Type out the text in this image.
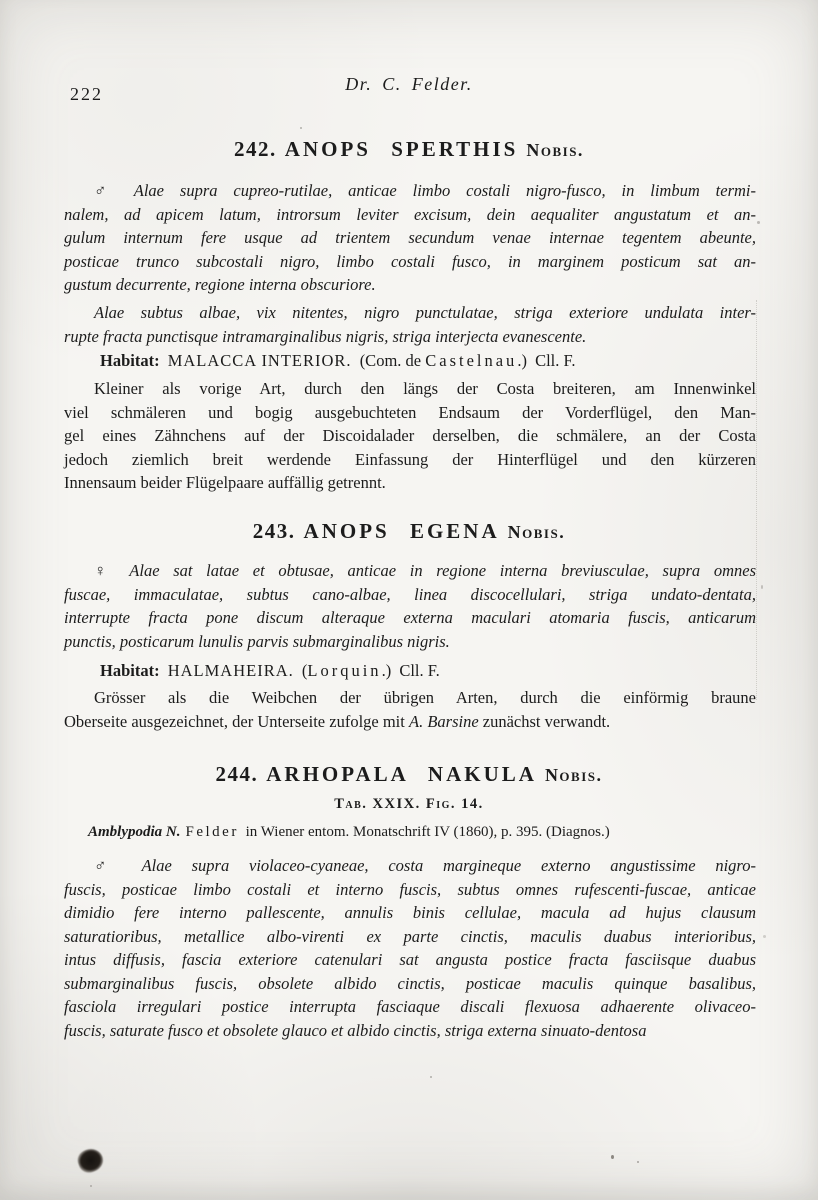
222	Dr. C. Felder.
242. ANOPS SPERTHIS Nobis.
♂ Alae supra cupreo-rutilae, anticae limbo costali nigro-fusco, in limbum termi-
nalem, ad apicem latum, introrsum leviter excisum, dein aequaliter angustatum et an-
gulum internum fere usque ad trientem secundum venae internae tegentem abeunte,
posticae trunco subcostali nigro, limbo costali fusco, in marginem posticum sat an-
gustum decurrente, regione interna obscuriore.
Alae subtus albae, vix nitentes, nigro punctulatae, striga exteriore undulata inter-
rupte fracta punctisque intramarginalibus nigris, striga interjecta evanescente.
Habitat: MALACCA INTERIOR. (Com. de Castelnau.) Cll. F.
Kleiner als vorige Art, durch den längs der Costa breiteren, am Innenwinkel
viel schmäleren und bogig ausgebuchteten Endsaum der Vorderflügel, den Man-
gel eines Zähnchens auf der Discoidalader derselben, die schmälere, an der Costa
jedoch ziemlich breit werdende Einfassung der Hinterflügel und den kürzeren
Innensaum beider Flügelpaare auffällig getrennt.
243. ANOPS EGENA Nobis.
♀ Alae sat latae et obtusae, anticae in regione interna breviusculae, supra omnes
fuscae, immaculatae, subtus cano-albae, linea discocellulari, striga undato-dentata,
interrupte fracta pone discum alteraque externa maculari atomaria fuscis, anticarum
punctis, posticarum lunulis parvis submarginalibus nigris.
Habitat: HALMAHEIRA. (Lorquin.) Cll. F.
Grösser als die Weibchen der übrigen Arten, durch die einförmig braune
Oberseite ausgezeichnet, der Unterseite zufolge mit A. Barsine zunächst verwandt.
244. ARHOPALA NAKULA Nobis.
Tab. XXIX. Fig. 14.
Amblypodia N. Felder in Wiener entom. Monatschrift IV (1860), p. 395. (Diagnos.)
♂ Alae supra violaceo-cyaneae, costa margineque externo angustissime nigro-
fuscis, posticae limbo costali et interno fuscis, subtus omnes rufescenti-fuscae, anticae
dimidio fere interno pallescente, annulis binis cellulae, macula ad hujus clausum
saturatioribus, metallice albo-virenti ex parte cinctis, maculis duabus interioribus,
intus diffusis, fascia exteriore catenulari sat angusta postice fracta fasciisque duabus
submarginalibus fuscis, obsolete albido cinctis, posticae maculis quinque basalibus,
fasciola irregulari postice interrupta fasciaque discali flexuosa adhaerente olivaceo-
fuscis, saturate fusco et obsolete glauco et albido cinctis, striga externa sinuato-dentosa
